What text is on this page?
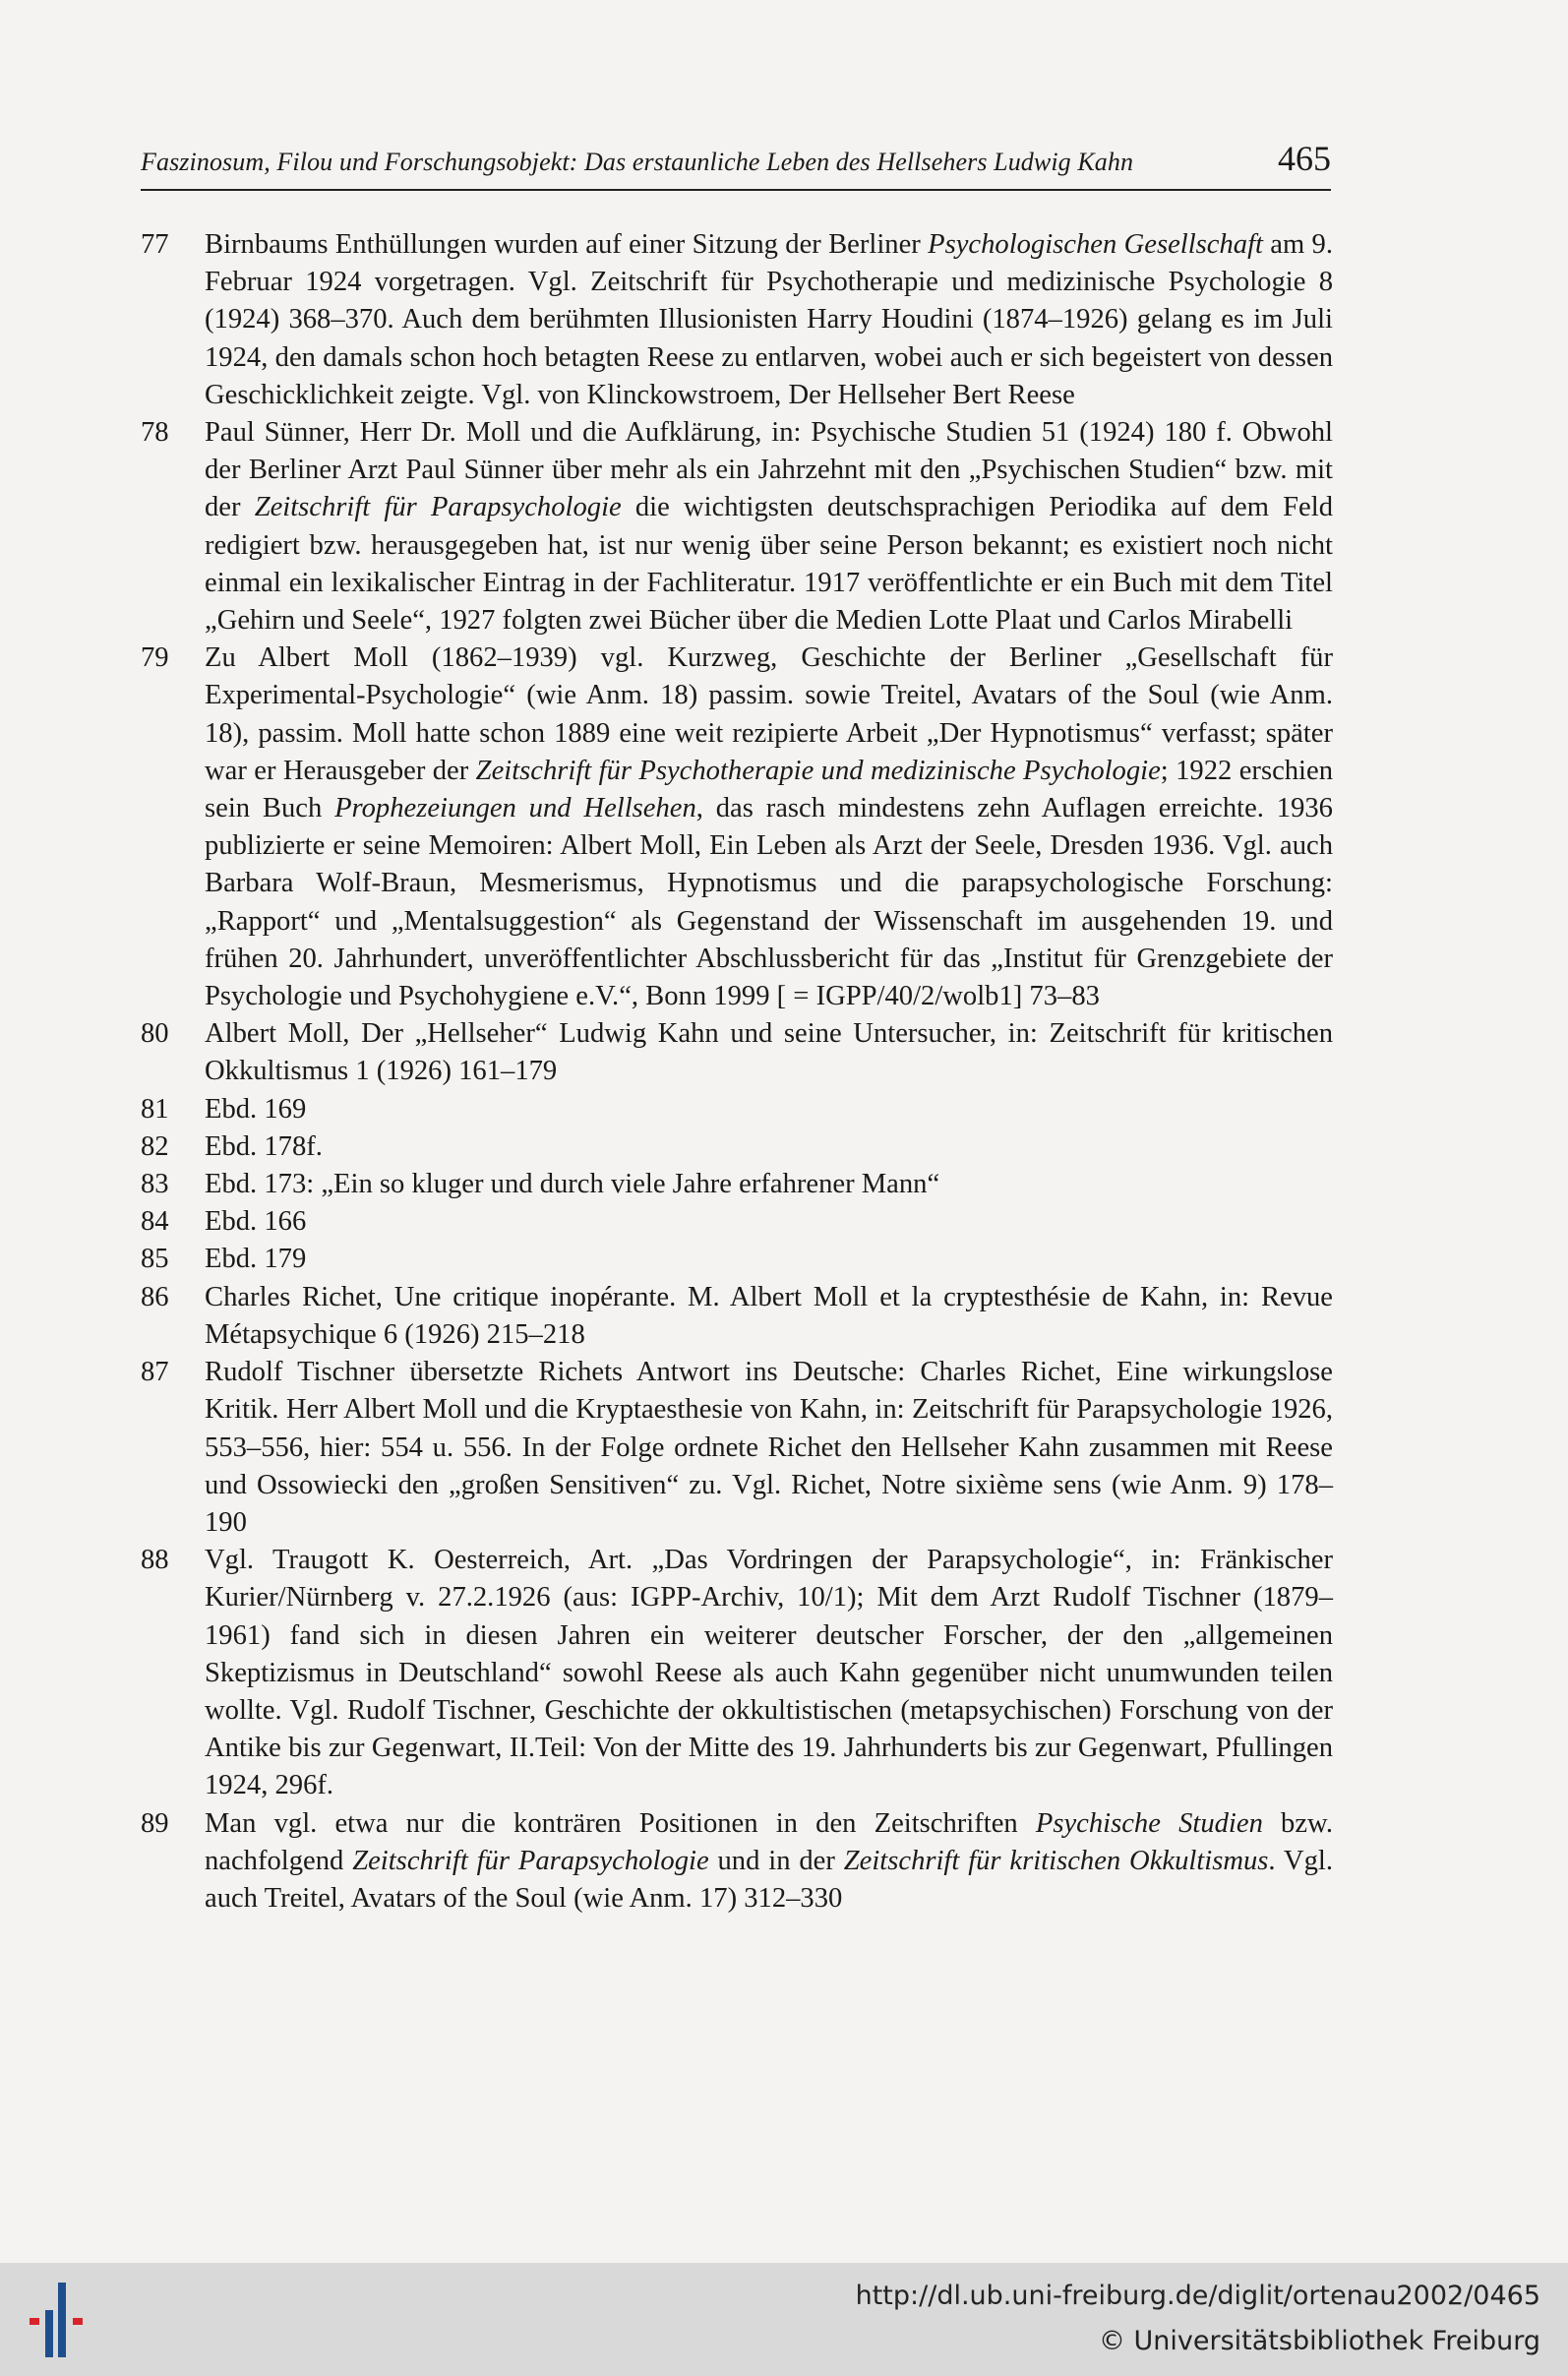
Faszinosum, Filou und Forschungsobjekt: Das erstaunliche Leben des Hellsehers Ludwig Kahn	465
77	Birnbaums Enthüllungen wurden auf einer Sitzung der Berliner Psychologischen Gesellschaft am 9. Februar 1924 vorgetragen. Vgl. Zeitschrift für Psychotherapie und medizinische Psychologie 8 (1924) 368–370. Auch dem berühmten Illusionisten Harry Houdini (1874–1926) gelang es im Juli 1924, den damals schon hoch betagten Reese zu entlarven, wobei auch er sich begeistert von dessen Geschicklichkeit zeigte. Vgl. von Klinckowstroem, Der Hellseher Bert Reese
78	Paul Sünner, Herr Dr. Moll und die Aufklärung, in: Psychische Studien 51 (1924) 180 f. Obwohl der Berliner Arzt Paul Sünner über mehr als ein Jahrzehnt mit den „Psychischen Studien“ bzw. mit der Zeitschrift für Parapsychologie die wichtigsten deutschsprachigen Periodika auf dem Feld redigiert bzw. herausgegeben hat, ist nur wenig über seine Person bekannt; es existiert noch nicht einmal ein lexikalischer Eintrag in der Fachliteratur. 1917 veröffentlichte er ein Buch mit dem Titel „Gehirn und Seele“, 1927 folgten zwei Bücher über die Medien Lotte Plaat und Carlos Mirabelli
79	Zu Albert Moll (1862–1939) vgl. Kurzweg, Geschichte der Berliner „Gesellschaft für Experimental-Psychologie“ (wie Anm. 18) passim. sowie Treitel, Avatars of the Soul (wie Anm. 18), passim. Moll hatte schon 1889 eine weit rezipierte Arbeit „Der Hypnotismus“ verfasst; später war er Herausgeber der Zeitschrift für Psychotherapie und medizinische Psychologie; 1922 erschien sein Buch Prophezeiungen und Hellsehen, das rasch mindestens zehn Auflagen erreichte. 1936 publizierte er seine Memoiren: Albert Moll, Ein Leben als Arzt der Seele, Dresden 1936. Vgl. auch Barbara Wolf-Braun, Mesmerismus, Hypnotismus und die parapsychologische Forschung: „Rapport“ und „Mentalsuggestion“ als Gegenstand der Wissenschaft im ausgehenden 19. und frühen 20. Jahrhundert, unveröffentlichter Abschlussbericht für das „Institut für Grenzgebiete der Psychologie und Psychohygiene e.V.“, Bonn 1999 [ = IGPP/40/2/wolb1] 73–83
80	Albert Moll, Der „Hellseher“ Ludwig Kahn und seine Untersucher, in: Zeitschrift für kritischen Okkultismus 1 (1926) 161–179
81	Ebd. 169
82	Ebd. 178f.
83	Ebd. 173: „Ein so kluger und durch viele Jahre erfahrener Mann“
84	Ebd. 166
85	Ebd. 179
86	Charles Richet, Une critique inopérante. M. Albert Moll et la cryptesthésie de Kahn, in: Revue Métapsychique 6 (1926) 215–218
87	Rudolf Tischner übersetzte Richets Antwort ins Deutsche: Charles Richet, Eine wirkungslose Kritik. Herr Albert Moll und die Kryptaesthesie von Kahn, in: Zeitschrift für Parapsychologie 1926, 553–556, hier: 554 u. 556. In der Folge ordnete Richet den Hellseher Kahn zusammen mit Reese und Ossowiecki den „großen Sensitiven“ zu. Vgl. Richet, Notre sixième sens (wie Anm. 9) 178–190
88	Vgl. Traugott K. Oesterreich, Art. „Das Vordringen der Parapsychologie“, in: Fränkischer Kurier/Nürnberg v. 27.2.1926 (aus: IGPP-Archiv, 10/1); Mit dem Arzt Rudolf Tischner (1879–1961) fand sich in diesen Jahren ein weiterer deutscher Forscher, der den „allgemeinen Skeptizismus in Deutschland“ sowohl Reese als auch Kahn gegenüber nicht unumwunden teilen wollte. Vgl. Rudolf Tischner, Geschichte der okkultistischen (metapsychischen) Forschung von der Antike bis zur Gegenwart, II.Teil: Von der Mitte des 19. Jahrhunderts bis zur Gegenwart, Pfullingen 1924, 296f.
89	Man vgl. etwa nur die konträren Positionen in den Zeitschriften Psychische Studien bzw. nachfolgend Zeitschrift für Parapsychologie und in der Zeitschrift für kritischen Okkultismus. Vgl. auch Treitel, Avatars of the Soul (wie Anm. 17) 312–330
http://dl.ub.uni-freiburg.de/diglit/ortenau2002/0465
© Universitätsbibliothek Freiburg
